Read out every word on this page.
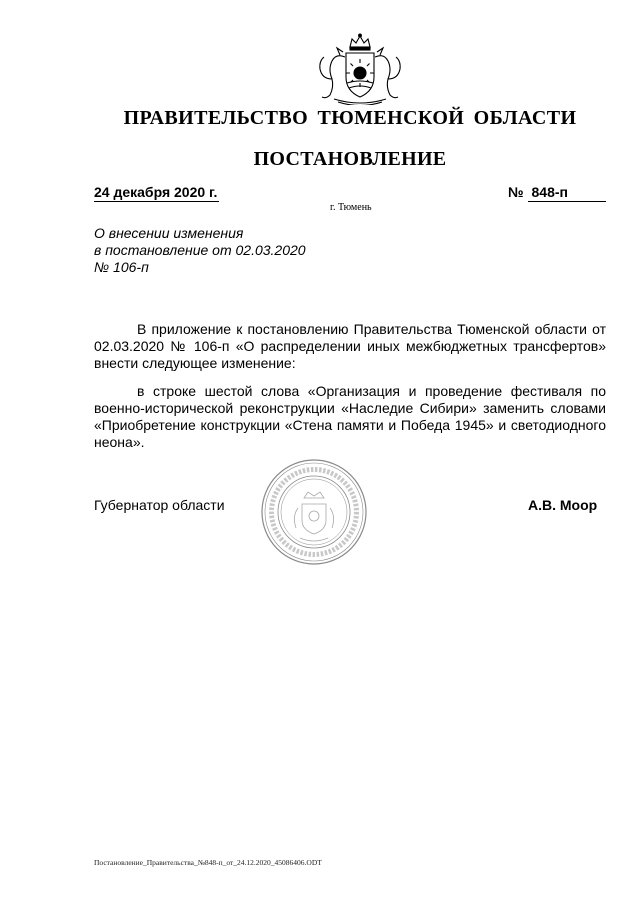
ПРАВИТЕЛЬСТВО ТЮМЕНСКОЙ ОБЛАСТИ
ПОСТАНОВЛЕНИЕ
24 декабря 2020 г.	№ 848-п
г. Тюмень
О внесении изменения
в постановление от 02.03.2020
№ 106-п

В приложение к постановлению Правительства Тюменской области от 02.03.2020 № 106-п «О распределении иных межбюджетных трансфертов» внести следующее изменение:

в строке шестой слова «Организация и проведение фестиваля по военно-исторической реконструкции «Наследие Сибири» заменить словами «Приобретение конструкции «Стена памяти и Победа 1945» и светодиодного неона».

Губернатор области	А.В. Моор
Постановление_Правительства_№848-п_от_24.12.2020_45086406.ODT
